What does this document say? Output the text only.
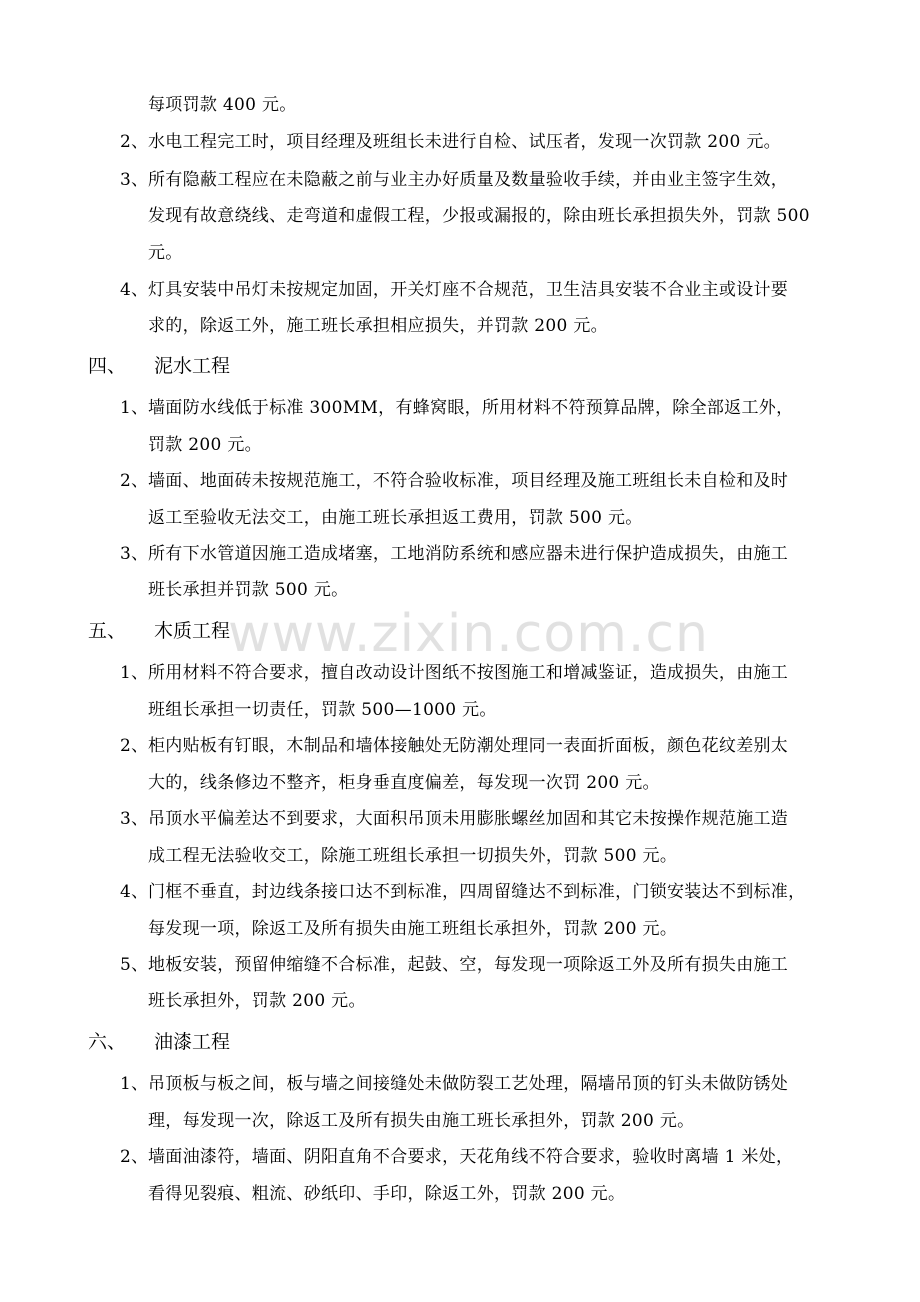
www.zixin.com.cn
每项罚款 400 元。
2、 水电工程完工时，项目经理及班组长未进行自检、试压者，发现一次罚款 200 元。
3、 所有隐蔽工程应在未隐蔽之前与业主办好质量及数量验收手续，并由业主签字生效，
发现有故意绕线、走弯道和虚假工程，少报或漏报的，除由班长承担损失外，罚款 500
元。
4、 灯具安装中吊灯未按规定加固，开关灯座不合规范，卫生洁具安装不合业主或设计要
求的，除返工外，施工班长承担相应损失，并罚款 200 元。
四、 泥水工程
1、 墙面防水线低于标准 300MM，有蜂窝眼，所用材料不符预算品牌，除全部返工外，
罚款 200 元。
2、 墙面、地面砖未按规范施工，不符合验收标准，项目经理及施工班组长未自检和及时
返工至验收无法交工，由施工班长承担返工费用，罚款 500 元。
3、 所有下水管道因施工造成堵塞，工地消防系统和感应器未进行保护造成损失，由施工
班长承担并罚款 500 元。
五、 木质工程
1、 所用材料不符合要求，擅自改动设计图纸不按图施工和增减鉴证，造成损失，由施工
班组长承担一切责任，罚款 500—1000 元。
2、 柜内贴板有钉眼，木制品和墙体接触处无防潮处理同一表面折面板，颜色花纹差别太
大的，线条修边不整齐，柜身垂直度偏差，每发现一次罚 200 元。
3、 吊顶水平偏差达不到要求，大面积吊顶未用膨胀螺丝加固和其它未按操作规范施工造
成工程无法验收交工，除施工班组长承担一切损失外，罚款 500 元。
4、 门框不垂直，封边线条接口达不到标准，四周留缝达不到标准，门锁安装达不到标准，
每发现一项，除返工及所有损失由施工班组长承担外，罚款 200 元。
5、 地板安装，预留伸缩缝不合标准，起鼓、空，每发现一项除返工外及所有损失由施工
班长承担外，罚款 200 元。
六、 油漆工程
1、 吊顶板与板之间，板与墙之间接缝处未做防裂工艺处理，隔墙吊顶的钉头未做防锈处
理，每发现一次，除返工及所有损失由施工班长承担外，罚款 200 元。
2、 墙面油漆符，墙面、阴阳直角不合要求，天花角线不符合要求，验收时离墙 1 米处，
看得见裂痕、粗流、砂纸印、手印，除返工外，罚款 200 元。
